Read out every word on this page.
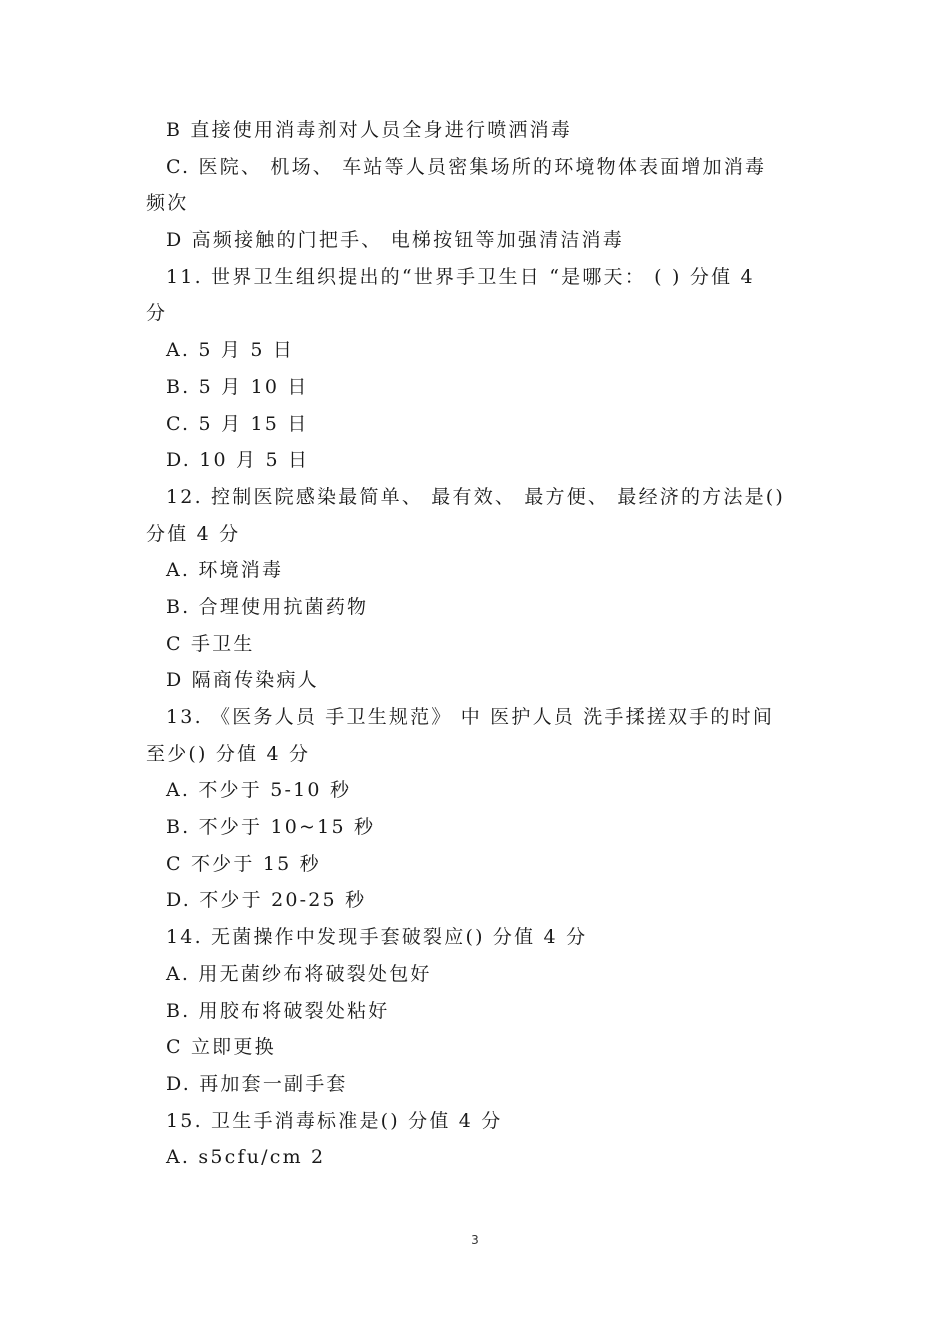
B 直接使用消毒剂对人员全身进行喷洒消毒
C. 医院、 机场、 车站等人员密集场所的环境物体表面增加消毒
频次
D 高频接触的门把手、 电梯按钮等加强清洁消毒
11. 世界卫生组织提出的“世界手卫生日 “是哪天： ( ) 分值 4
分
A. 5 月 5 日
B. 5 月 10 日
C. 5 月 15 日
D. 10 月 5 日
12. 控制医院感染最简单、 最有效、 最方便、 最经济的方法是()
分值 4 分
A. 环境消毒
B. 合理使用抗菌药物
C 手卫生
D 隔商传染病人
13. 《医务人员 手卫生规范》 中 医护人员 洗手揉搓双手的时间
至少() 分值 4 分
A. 不少于 5-10 秒
B. 不少于 10~15 秒
C 不少于 15 秒
D. 不少于 20-25 秒
14. 无菌操作中发现手套破裂应() 分值 4 分
A. 用无菌纱布将破裂处包好
B. 用胶布将破裂处粘好
C 立即更换
D. 再加套一副手套
15. 卫生手消毒标准是() 分值 4 分
A. s5cfu/cm 2
3
